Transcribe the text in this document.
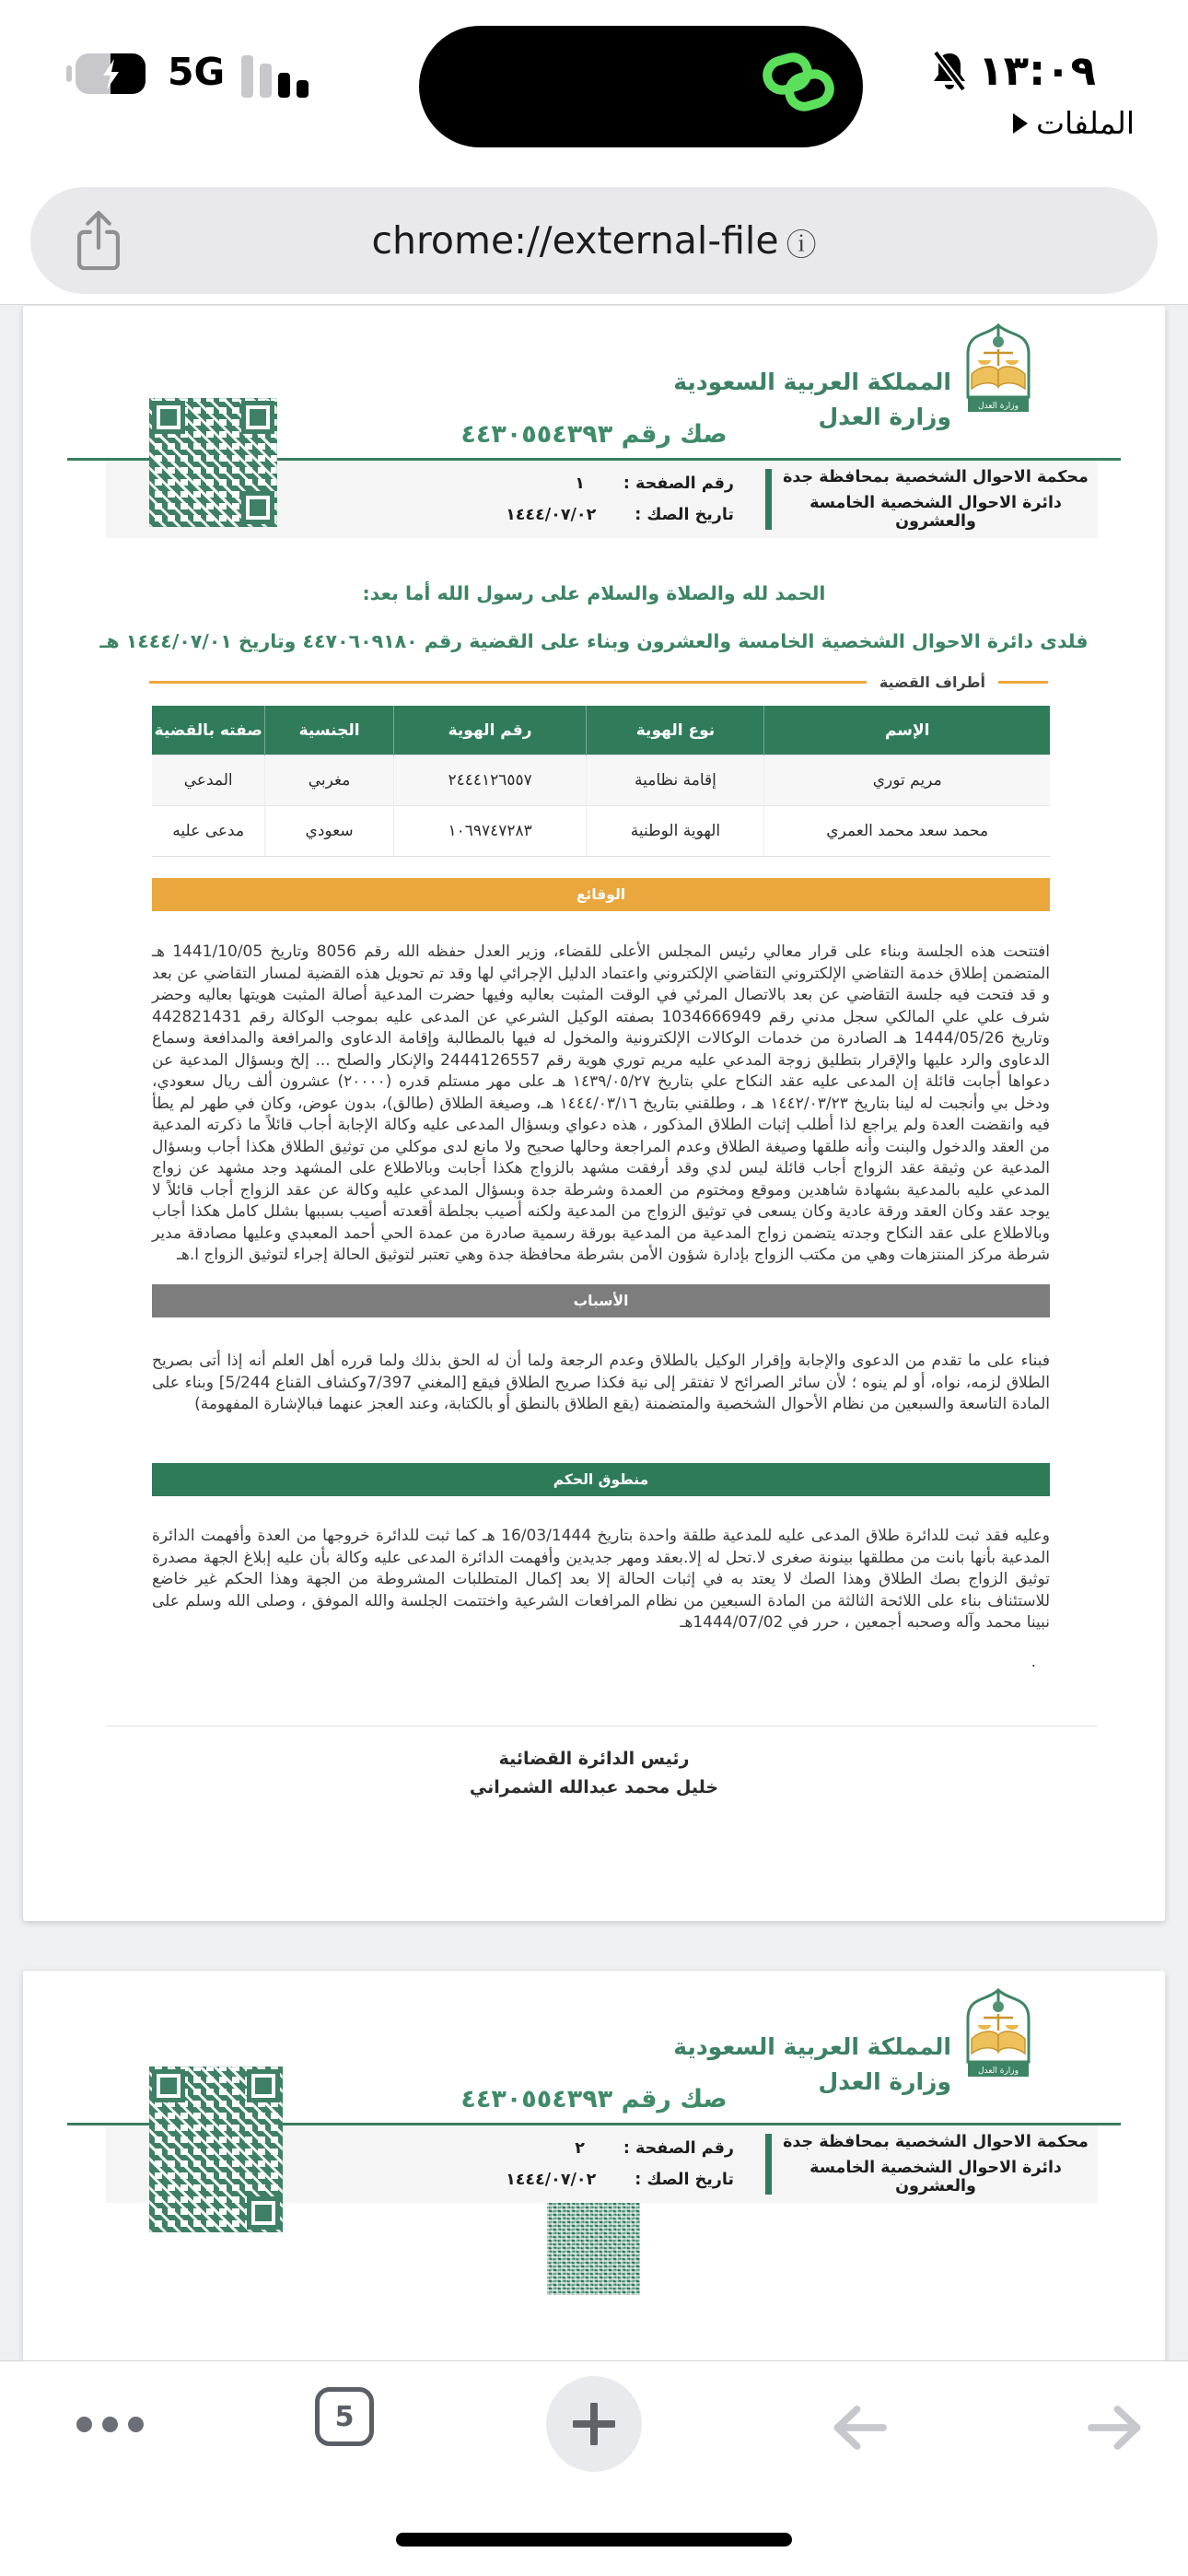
5G	١٣:٠٩
الملفات
chrome://external-file ⓘ
وزارة العدل
المملكة العربية السعودية
وزارة العدل
صك رقم ٤٤٣٠٥٥٤٣٩٣
محكمة الاحوال الشخصية بمحافظة جدة
دائرة الاحوال الشخصية الخامسة والعشرون
رقم الصفحة :
١
تاريخ الصك :
١٤٤٤/٠٧/٠٢
الحمد لله والصلاة والسلام على رسول الله أما بعد:
فلدى دائرة الاحوال الشخصية الخامسة والعشرون وبناء على القضية رقم ٤٤٧٠٦٠٩١٨٠ وتاريخ ١٤٤٤/٠٧/٠١ هـ
أطراف القضية
الإسم	نوع الهوية	رقم الهوية	الجنسية	صفته بالقضية
مريم توري	إقامة نظامية	٢٤٤٤١٢٦٥٥٧	مغربي	المدعي
محمد سعد محمد العمري	الهوية الوطنية	١٠٦٩٧٤٧٢٨٣	سعودي	مدعى عليه
الوقائع
افتتحت هذه الجلسة وبناء على قرار معالي رئيس المجلس الأعلى للقضاء، وزير العدل حفظه الله رقم 8056 وتاريخ 1441/10/05 هـ المتضمن إطلاق خدمة التقاضي الإلكتروني التقاضي الإلكتروني واعتماد الدليل الإجرائي لها وقد تم تحويل هذه القضية لمسار التقاضي عن بعد و قد فتحت فيه جلسة التقاضي عن بعد بالاتصال المرئي في الوقت المثبت بعاليه وفيها حضرت المدعية أصالة المثبت هويتها بعاليه وحضر شرف علي علي المالكي سجل مدني رقم 1034666949 بصفته الوكيل الشرعي عن المدعى عليه بموجب الوكالة رقم 442821431 وتاريخ 1444/05/26 هـ الصادرة من خدمات الوكالات الإلكترونية والمخول له فيها بالمطالبة وإقامة الدعاوى والمرافعة والمدافعة وسماع الدعاوى والرد عليها والإقرار بتطليق زوجة المدعي عليه مريم توري هوية رقم 2444126557 والإنكار والصلح ... إلخ وبسؤال المدعية عن دعواها أجابت قائلة إن المدعى عليه عقد النكاح علي بتاريخ ١٤٣٩/٠٥/٢٧ هـ على مهر مستلم قدره (٢٠٠٠٠) عشرون ألف ريال سعودي، ودخل بي وأنجبت له لينا بتاريخ ١٤٤٢/٠٣/٢٣ هـ ، وطلقني بتاريخ ١٤٤٤/٠٣/١٦ هـ، وصيغة الطلاق (طالق)، بدون عوض، وكان في طهر لم يطأ فيه وانقضت العدة ولم يراجع لذا أطلب إثبات الطلاق المذكور ، هذه دعواي وبسؤال المدعى عليه وكالة الإجابة أجاب قائلاً ما ذكرته المدعية من العقد والدخول والبنت وأنه طلقها وصيغة الطلاق وعدم المراجعة وحالها صحيح ولا مانع لدى موكلي من توثيق الطلاق هكذا أجاب وبسؤال المدعية عن وثيقة عقد الزواج أجاب قائلة ليس لدي وقد أرفقت مشهد بالزواج هكذا أجابت وبالاطلاع على المشهد وجد مشهد عن زواج المدعي عليه بالمدعية بشهادة شاهدين وموقع ومختوم من العمدة وشرطة جدة وبسؤال المدعي عليه وكالة عن عقد الزواج أجاب قائلاً لا يوجد عقد وكان العقد ورقة عادية وكان يسعى في توثيق الزواج من المدعية ولكنه أصيب بجلطة أقعدته أصيب بسببها بشلل كامل هكذا أجاب وبالاطلاع على عقد النكاح وجدته يتضمن زواج المدعية من المدعية بورقة رسمية صادرة من عمدة الحي أحمد المعبدي وعليها مصادقة مدير شرطة مركز المنتزهات وهي من مكتب الزواج بإدارة شؤون الأمن بشرطة محافظة جدة وهي تعتبر لتوثيق الحالة إجراء لتوثيق الزواج ا.هـ
الأسباب
فبناء على ما تقدم من الدعوى والإجابة وإقرار الوكيل بالطلاق وعدم الرجعة ولما أن له الحق بذلك ولما قرره أهل العلم أنه إذا أتى بصريح الطلاق لزمه، نواه، أو لم ينوه ؛ لأن سائر الصرائح لا تفتقر إلى نية فكذا صريح الطلاق فيقع [المغني 7/397وكشاف القناع 5/244] وبناء على المادة التاسعة والسبعين من نظام الأحوال الشخصية والمتضمنة (يقع الطلاق بالنطق أو بالكتابة، وعند العجز عنهما فبالإشارة المفهومة)
منطوق الحكم
وعليه فقد ثبت للدائرة طلاق المدعى عليه للمدعية طلقة واحدة بتاريخ 16/03/1444 هـ كما ثبت للدائرة خروجها من العدة وأفهمت الدائرة المدعية بأنها بانت من مطلقها بينونة صغرى لا.تحل له إلا.بعقد ومهر جديدين وأفهمت الدائرة المدعى عليه وكالة بأن عليه إبلاغ الجهة مصدرة توثيق الزواج بصك الطلاق وهذا الصك لا يعتد به في إثبات الحالة إلا بعد إكمال المتطلبات المشروطة من الجهة وهذا الحكم غير خاضع للاستئناف بناء على اللائحة الثالثة من المادة السبعين من نظام المرافعات الشرعية واختتمت الجلسة والله الموفق ، وصلى الله وسلم على نبينا محمد وآله وصحبه أجمعين ، حرر في 1444/07/02هـ
.
رئيس الدائرة القضائية
خليل محمد عبدالله الشمراني
وزارة العدل
المملكة العربية السعودية
وزارة العدل
صك رقم ٤٤٣٠٥٥٤٣٩٣
محكمة الاحوال الشخصية بمحافظة جدة
دائرة الاحوال الشخصية الخامسة والعشرون
رقم الصفحة :
٢
تاريخ الصك :
١٤٤٤/٠٧/٠٢
5
